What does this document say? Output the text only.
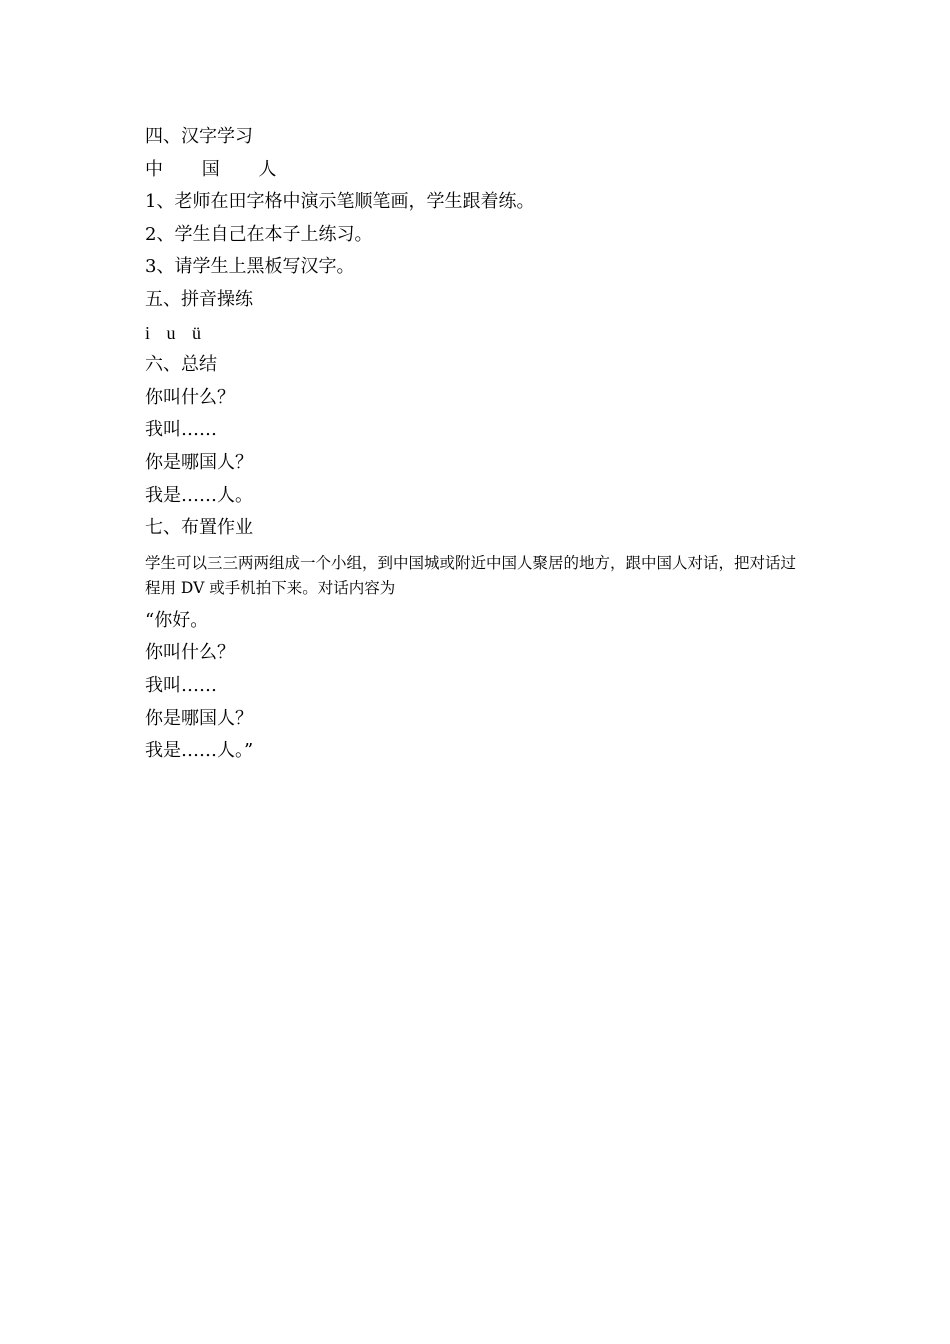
四、汉字学习
中 国 人
1、老师在田字格中演示笔顺笔画，学生跟着练。
2、学生自己在本子上练习。
3、请学生上黑板写汉字。
五、拼音操练
i u ü
六、总结
你叫什么？
我叫……
你是哪国人？
我是……人。
七、布置作业
学生可以三三两两组成一个小组，到中国城或附近中国人聚居的地方，跟中国人对话，把对话过程用 DV 或手机拍下来。对话内容为
“你好。
你叫什么？
我叫……
你是哪国人？
我是……人。”
